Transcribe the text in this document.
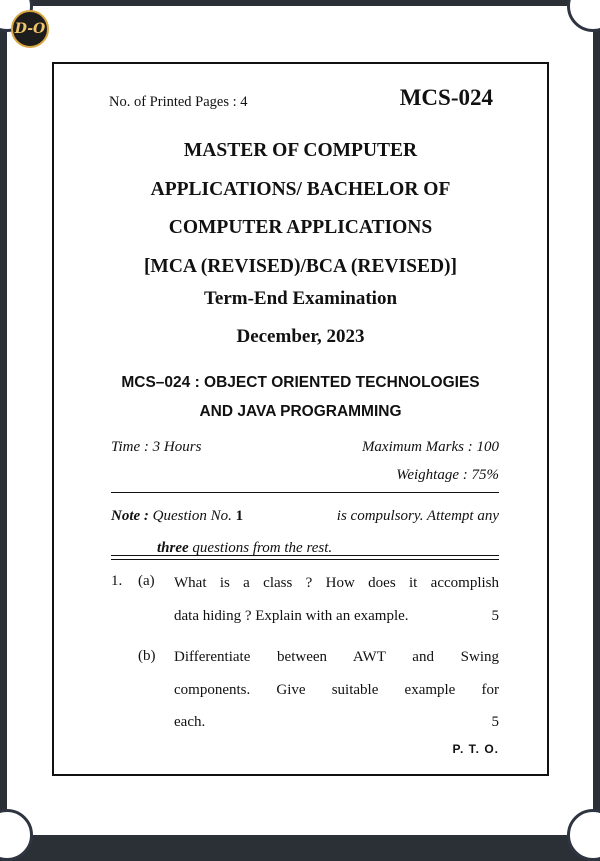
D-O
No. of Printed Pages : 4	MCS-024
MASTER OF COMPUTER
APPLICATIONS/ BACHELOR OF
COMPUTER APPLICATIONS
[MCA (REVISED)/BCA (REVISED)]
Term-End Examination
December, 2023
MCS–024 : OBJECT ORIENTED TECHNOLOGIES
AND JAVA PROGRAMMING
Time : 3 Hours	Maximum Marks : 100
Weightage : 75%
Note : Question No. 1	is compulsory. Attempt any
three questions from the rest.
1. (a) What is a class ? How does it accomplish
data hiding ? Explain with an example.	5
(b) Differentiate between AWT and Swing
components. Give suitable example for
each.	5
P. T. O.
